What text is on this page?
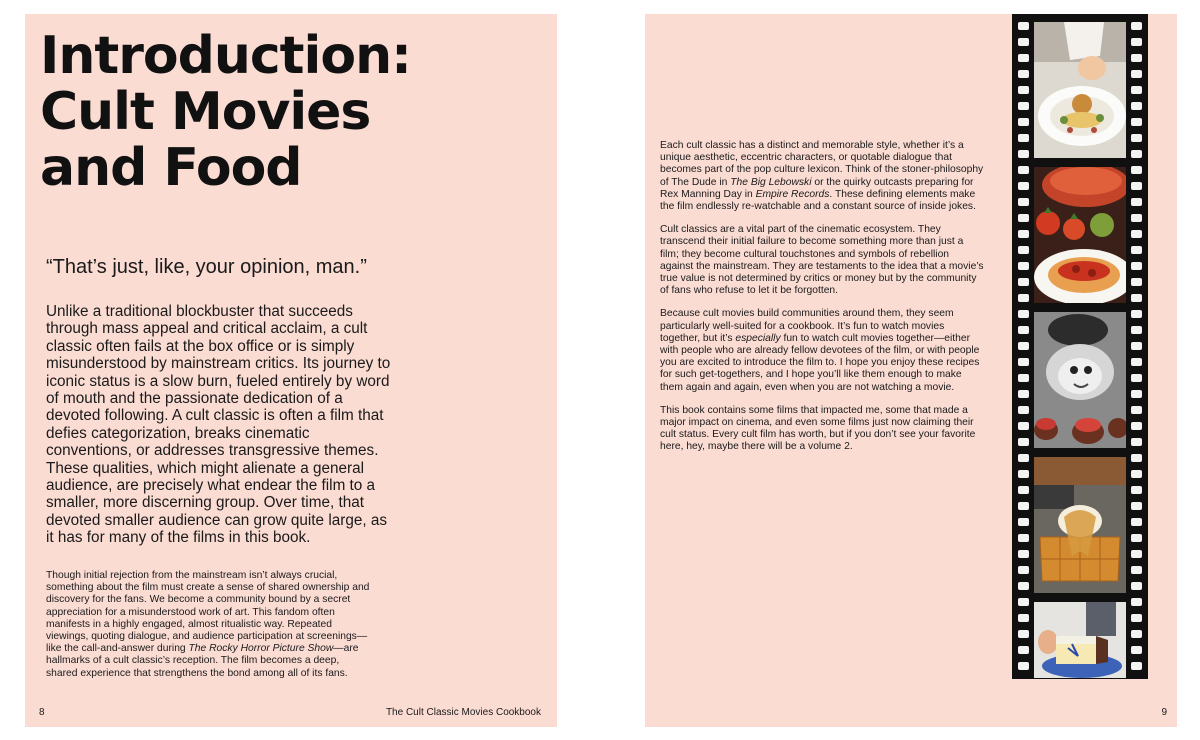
Introduction:
Cult Movies
and Food

“That’s just, like, your opinion, man.”

Unlike a traditional blockbuster that succeeds through mass appeal and critical acclaim, a cult classic often fails at the box office or is simply misunderstood by mainstream critics. Its journey to iconic status is a slow burn, fueled entirely by word of mouth and the passionate dedication of a devoted following. A cult classic is often a film that defies categorization, breaks cinematic conventions, or addresses transgressive themes. These qualities, which might alienate a general audience, are precisely what endear the film to a smaller, more discerning group. Over time, that devoted smaller audience can grow quite large, as it has for many of the films in this book.

Though initial rejection from the mainstream isn’t always crucial, something about the film must create a sense of shared ownership and discovery for the fans. We become a community bound by a secret appreciation for a misunderstood work of art. This fandom often manifests in a highly engaged, almost ritualistic way. Repeated viewings, quoting dialogue, and audience participation at screenings—like the call-and-answer during The Rocky Horror Picture Show—are hallmarks of a cult classic’s reception. The film becomes a deep, shared experience that strengthens the bond among all of its fans.

8	The Cult Classic Movies Cookbook

Each cult classic has a distinct and memorable style, whether it’s a unique aesthetic, eccentric characters, or quotable dialogue that becomes part of the pop culture lexicon. Think of the stoner-philosophy of The Dude in The Big Lebowski or the quirky outcasts preparing for Rex Manning Day in Empire Records. These defining elements make the film endlessly re-watchable and a constant source of inside jokes.

Cult classics are a vital part of the cinematic ecosystem. They transcend their initial failure to become something more than just a film; they become cultural touchstones and symbols of rebellion against the mainstream. They are testaments to the idea that a movie’s true value is not determined by critics or money but by the community of fans who refuse to let it be forgotten.

Because cult movies build communities around them, they seem particularly well-suited for a cookbook. It’s fun to watch movies together, but it’s especially fun to watch cult movies together—either with people who are already fellow devotees of the film, or with people you are excited to introduce the film to. I hope you enjoy these recipes for such get-togethers, and I hope you’ll like them enough to make them again and again, even when you are not watching a movie.

This book contains some films that impacted me, some that made a major impact on cinema, and even some films just now claiming their cult status. Every cult film has worth, but if you don’t see your favorite here, hey, maybe there will be a volume 2.

9
